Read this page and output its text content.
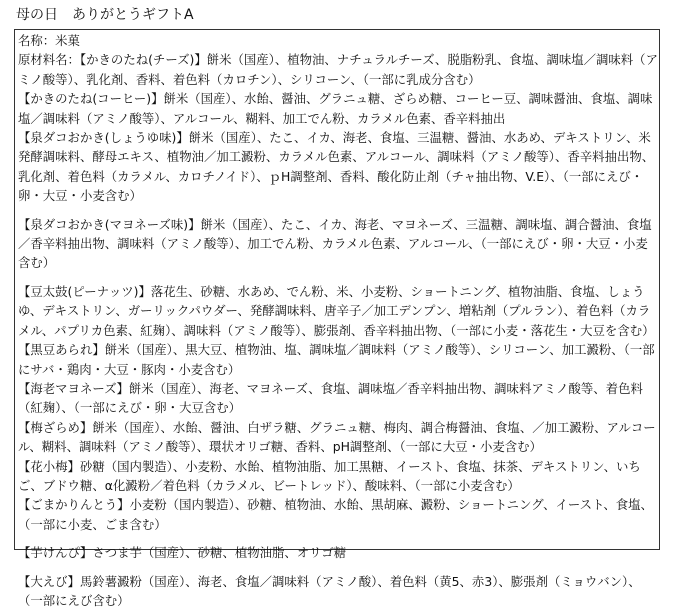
母の日　ありがとうギフトA
名称：米菓
原材料名：【かきのたね(チーズ)】餅米（国産）、植物油、ナチュラルチーズ、脱脂粉乳、食塩、調味塩／調味料（アミノ酸等）、乳化剤、香料、着色料（カロチン）、シリコーン、（一部に乳成分含む）
【かきのたね(コーヒー)】餅米（国産）、水飴、醤油、グラニュ糖、ざらめ糖、コーヒー豆、調味醤油、食塩、調味塩／調味料（アミノ酸等）、アルコール、糊料、加工でん粉、カラメル色素、香辛料抽出
【泉ダコおかき(しょうゆ味)】餅米（国産）、たこ、イカ、海老、食塩、三温糖、醤油、水あめ、デキストリン、米発酵調味料、酵母エキス、植物油／加工澱粉、カラメル色素、アルコール、調味料（アミノ酸等）、香辛料抽出物、乳化剤、着色料（カラメル、カロチノイド）、ｐH調整剤、香料、酸化防止剤（チャ抽出物、V.E）、（一部にえび・卵・大豆・小麦含む）
【泉ダコおかき(マヨネーズ味)】餅米（国産）、たこ、イカ、海老、マヨネーズ、三温糖、調味塩、調合醤油、食塩／香辛料抽出物、調味料（アミノ酸等）、加工でん粉、カラメル色素、アルコール、（一部にえび・卵・大豆・小麦含む）
【豆太鼓(ピーナッツ)】落花生、砂糖、水あめ、でん粉、米、小麦粉、ショートニング、植物油脂、食塩、しょうゆ、デキストリン、ガーリックパウダー、発酵調味料、唐辛子／加工デンプン、増粘剤（プルラン）、着色料（カラメル、パプリカ色素、紅麹）、調味料（アミノ酸等）、膨張剤、香辛料抽出物、（一部に小麦・落花生・大豆を含む）
【黒豆あられ】餅米（国産）、黒大豆、植物油、塩、調味塩／調味料（アミノ酸等）、シリコーン、加工澱粉、（一部にサバ・鶏肉・大豆・豚肉・小麦含む）
【海老マヨネーズ】餅米（国産）、海老、マヨネーズ、食塩、調味塩／香辛料抽出物、調味料アミノ酸等、着色料（紅麹）、（一部にえび・卵・大豆含む）
【梅ざらめ】餅米（国産）、水飴、醤油、白ザラ糖、グラニュ糖、梅肉、調合梅醤油、食塩、／加工澱粉、アルコール、糊料、調味料（アミノ酸等）、環状オリゴ糖、香料、pH調整剤、（一部に大豆・小麦含む）
【花小梅】砂糖（国内製造）、小麦粉、水飴、植物油脂、加工黒糖、イースト、食塩、抹茶、デキストリン、いちご、ブドウ糖、α化澱粉／着色料（カラメル、ビートレッド）、酸味料、（一部に小麦含む）
【ごまかりんとう】小麦粉（国内製造）、砂糖、植物油、水飴、黒胡麻、澱粉、ショートニング、イースト、食塩、（一部に小麦、ごま含む）
【芋けんぴ】さつま芋（国産）、砂糖、植物油脂、オリゴ糖
【大えび】馬鈴薯澱粉（国産）、海老、食塩／調味料（アミノ酸）、着色料（黄5、赤3）、膨張剤（ミョウバン）、（一部にえび含む）
